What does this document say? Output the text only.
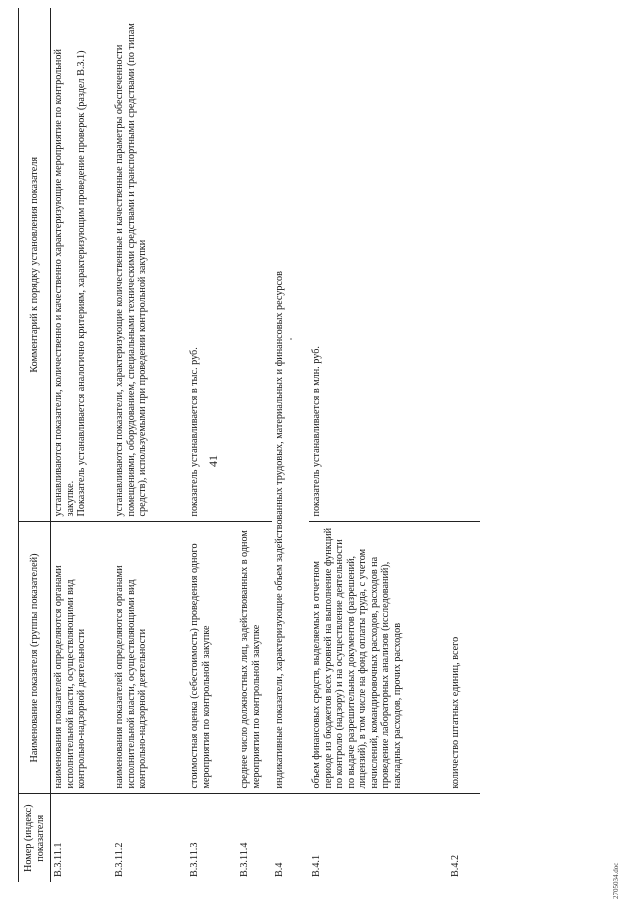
41
Номер (индекс) показателя	Наименование показателя (группы показателей)	Комментарий к порядку установления показателя
В.3.11.1	наименования показателей определяются органами исполнительной власти, осуществляющими вид контрольно-надзорной деятельности	устанавливаются показатели, количественно и качественно характеризующие мероприятие по контрольной закупке. Показатель устанавливается аналогично критериям, характеризующим проведение проверок (раздел В.3.1)

В.3.11.2	наименования показателей определяются органами исполнительной власти, осуществляющими вид контрольно-надзорной деятельности	устанавливаются показатели, характеризующие количественные и качественные параметры обеспеченности помещениями, оборудованием, специальными техническими средствами и транспортными средствами (по типам средств), используемыми при проведении контрольной закупки

В.3.11.3	стоимостная оценка (себестоимость) проведения одного мероприятия по контрольной закупке	показатель устанавливается в тыс. руб.

В.3.11.4	среднее число должностных лиц, задействованных в одном мероприятии по контрольной закупке	
В.4	индикативные показатели, характеризующие объем задействованных трудовых, материальных и финансовых ресурсов	
В.4.1	объем финансовых средств, выделяемых в отчетном периоде из бюджетов всех уровней на выполнение функций по контролю (надзору) и на осуществление деятельности по выдаче разрешительных документов (разрешений, лицензий), в том числе на фонд оплаты труда, с учетом начислений, командировочных расходов, расходов на проведение лабораторных анализов (исследований), накладных расходов, прочих расходов	показатель устанавливается в млн. руб.

В.4.2	количество штатных единиц, всего	
2705034.doc
